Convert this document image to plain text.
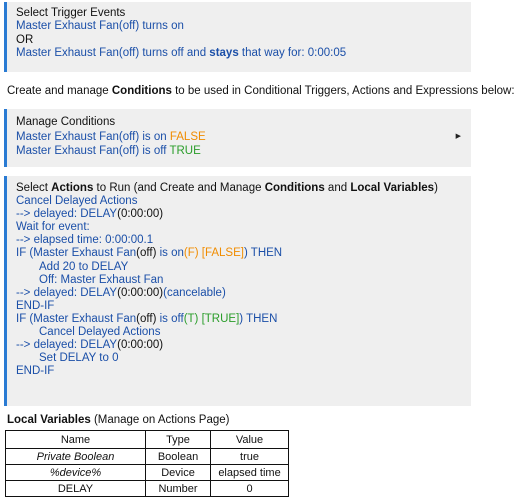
Select Trigger Events
Master Exhaust Fan(off) turns on
OR
Master Exhaust Fan(off) turns off and stays that way for: 0:00:05
Create and manage Conditions to be used in Conditional Triggers, Actions and Expressions below:
Manage Conditions
Master Exhaust Fan(off) is on FALSE
Master Exhaust Fan(off) is off TRUE
▶
Select Actions to Run (and Create and Manage Conditions and Local Variables)
Cancel Delayed Actions
--> delayed: DELAY(0:00:00)
Wait for event:
--> elapsed time: 0:00:00.1
IF (Master Exhaust Fan(off) is on(F) [FALSE]) THEN
Add 20 to DELAY
Off: Master Exhaust Fan
--> delayed: DELAY(0:00:00)(cancelable)
END-IF
IF (Master Exhaust Fan(off) is off(T) [TRUE]) THEN
Cancel Delayed Actions
--> delayed: DELAY(0:00:00)
Set DELAY to 0
END-IF
Local Variables (Manage on Actions Page)
Name	Type	Value
Private Boolean	Boolean	true
%device%	Device	elapsed time
DELAY	Number	0
